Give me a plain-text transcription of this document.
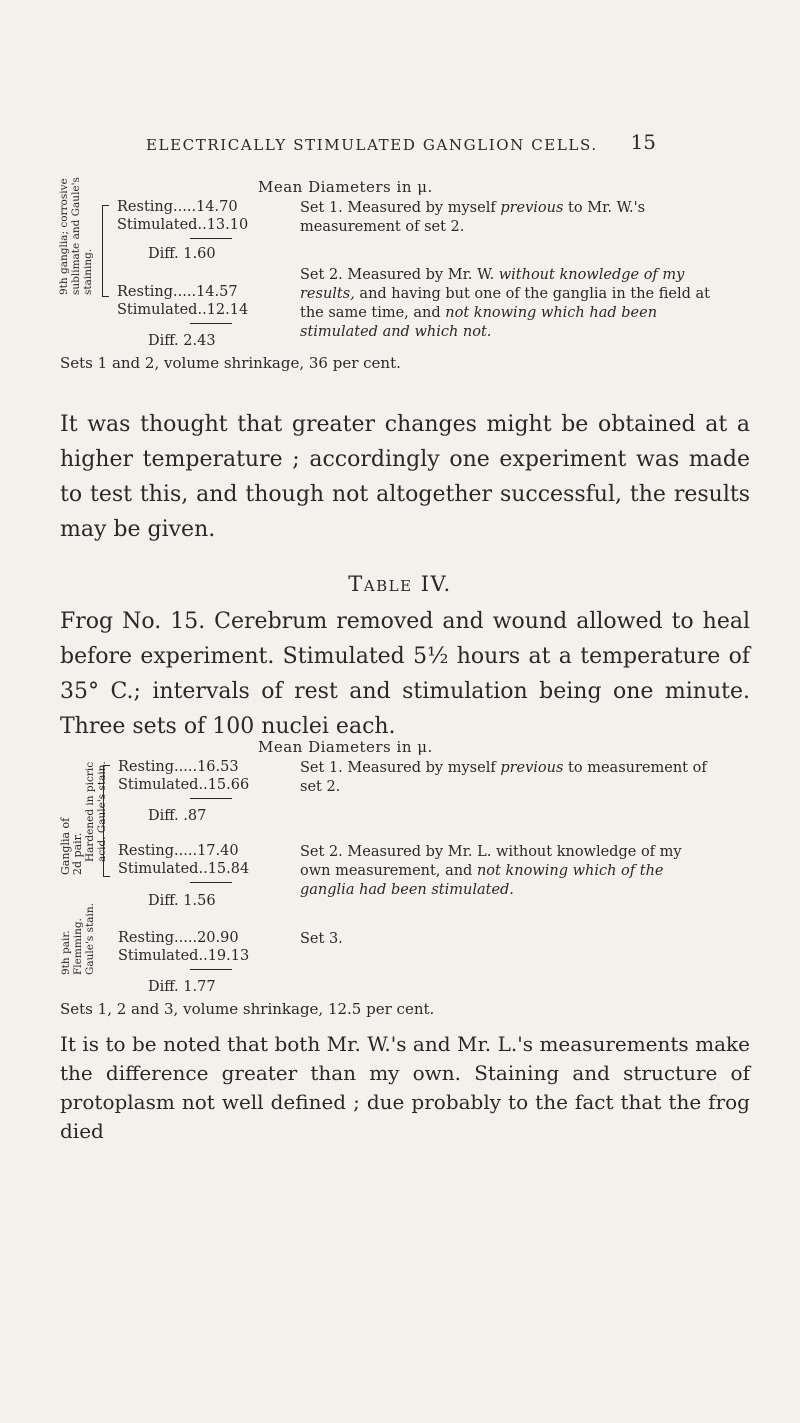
ELECTRICALLY STIMULATED GANGLION CELLS. 15
Mean Diameters in μ.
9th ganglia; corrosive sublimate and Gaule's staining.
Resting.....14.70
Stimulated..13.10
Diff. 1.60
Resting.....14.57
Stimulated..12.14
Diff. 2.43
Set 1. Measured by myself previous to Mr. W.'s measurement of set 2.
Set 2. Measured by Mr. W. without knowledge of my results, and having but one of the ganglia in the field at the same time, and not knowing which had been stimulated and which not.
Sets 1 and 2, volume shrinkage, 36 per cent.
It was thought that greater changes might be obtained at a higher temperature ; accordingly one experiment was made to test this, and though not altogether successful, the results may be given.
Table IV.
Frog No. 15. Cerebrum removed and wound allowed to heal before experiment. Stimulated 5½ hours at a temperature of 35° C.; intervals of rest and stimulation being one minute. Three sets of 100 nuclei each.
Mean Diameters in μ.
Ganglia of 2d pair. Hardened in picric acid. Gaule's stain.
9th pair. Flemming. Gaule's stain.
Resting.....16.53
Stimulated..15.66
Diff. .87
Resting.....17.40
Stimulated..15.84
Diff. 1.56
Resting.....20.90
Stimulated..19.13
Diff. 1.77
Set 1. Measured by myself previous to measurement of set 2.
Set 2. Measured by Mr. L. without knowledge of my own measurement, and not knowing which of the ganglia had been stimulated.
Set 3.
Sets 1, 2 and 3, volume shrinkage, 12.5 per cent.
It is to be noted that both Mr. W.'s and Mr. L.'s measurements make the difference greater than my own. Staining and structure of protoplasm not well defined ; due probably to the fact that the frog died
